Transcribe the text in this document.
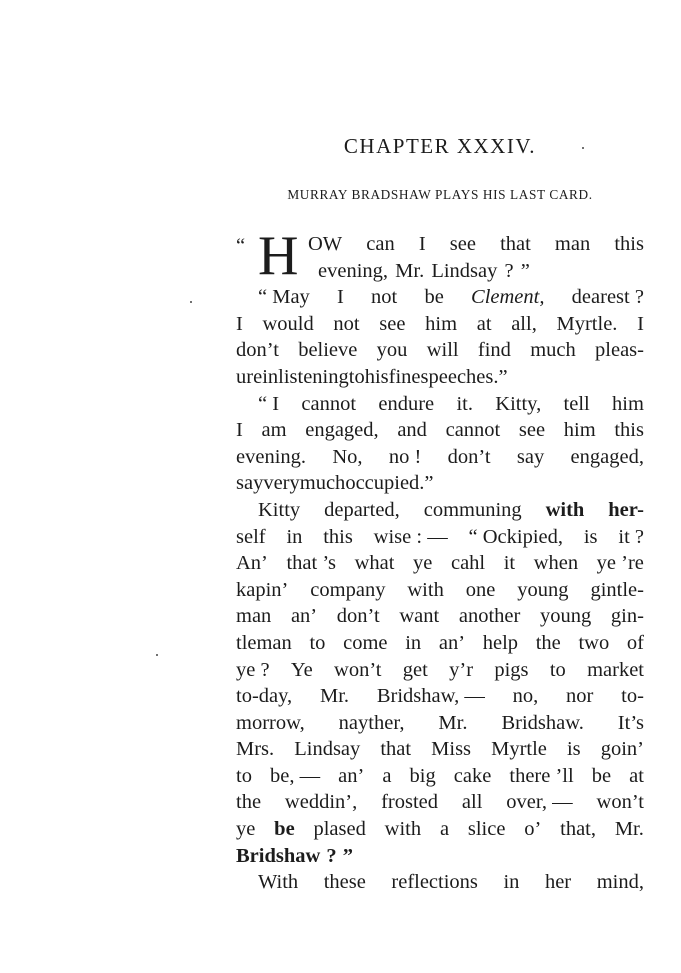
CHAPTER XXXIV.
MURRAY BRADSHAW PLAYS HIS LAST CARD.
“ H OW can I see that man this
evening, Mr. Lindsay ? ”
“ May I not be Clement, dearest ?
I would not see him at all, Myrtle. I
don’t believe you will find much pleas-
ure in listening to his fine speeches.”
“ I cannot endure it. Kitty, tell him
I am engaged, and cannot see him this
evening. No, no ! don’t say engaged,
say very much occupied.”
Kitty departed, communing with her-
self in this wise : — “ Ockipied, is it ?
An’ that ’s what ye cahl it when ye ’re
kapin’ company with one young gintle-
man an’ don’t want another young gin-
tleman to come in an’ help the two of
ye ? Ye won’t get y’r pigs to market
to-day, Mr. Bridshaw, — no, nor to-
morrow, nayther, Mr. Bridshaw. It’s
Mrs. Lindsay that Miss Myrtle is goin’
to be, — an’ a big cake there ’ll be at
the weddin’, frosted all over, — won’t
ye be plased with a slice o’ that, Mr.
Bridshaw ? ”
With these reflections in her mind,
